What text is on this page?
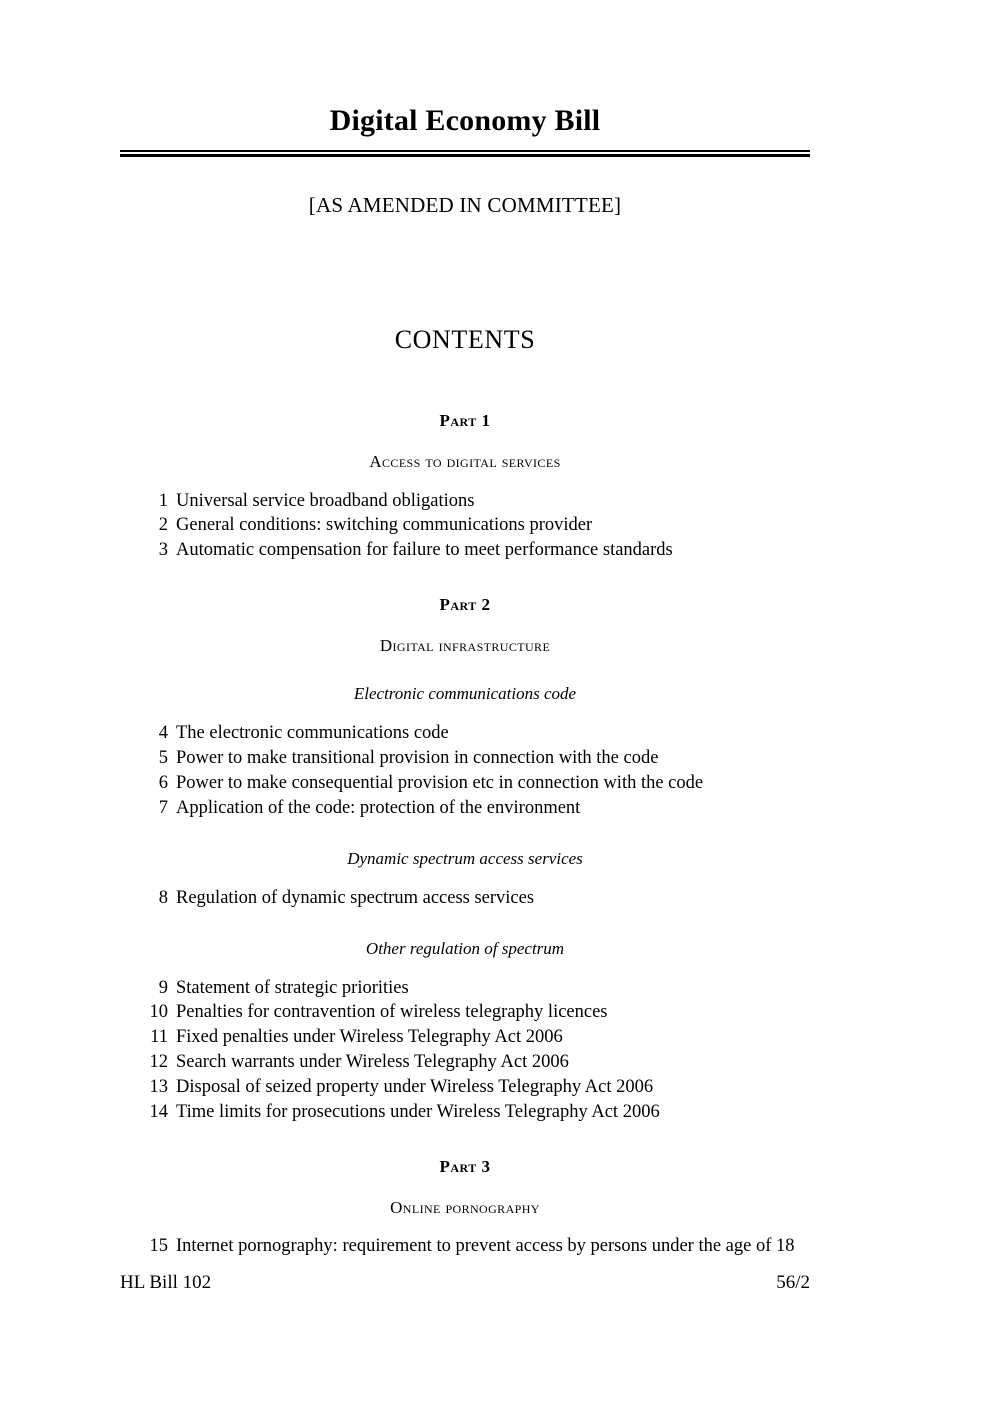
Digital Economy Bill

[AS AMENDED IN COMMITTEE]

CONTENTS
Part 1

Access to digital services

1 Universal service broadband obligations
2 General conditions: switching communications provider
3 Automatic compensation for failure to meet performance standards
Part 2

Digital infrastructure

Electronic communications code

4 The electronic communications code
5 Power to make transitional provision in connection with the code
6 Power to make consequential provision etc in connection with the code
7 Application of the code: protection of the environment

Dynamic spectrum access services

8 Regulation of dynamic spectrum access services

Other regulation of spectrum

9 Statement of strategic priorities
10 Penalties for contravention of wireless telegraphy licences
11 Fixed penalties under Wireless Telegraphy Act 2006
12 Search warrants under Wireless Telegraphy Act 2006
13 Disposal of seized property under Wireless Telegraphy Act 2006
14 Time limits for prosecutions under Wireless Telegraphy Act 2006
Part 3

Online pornography

15 Internet pornography: requirement to prevent access by persons under the age of 18
HL Bill 102	56/2
